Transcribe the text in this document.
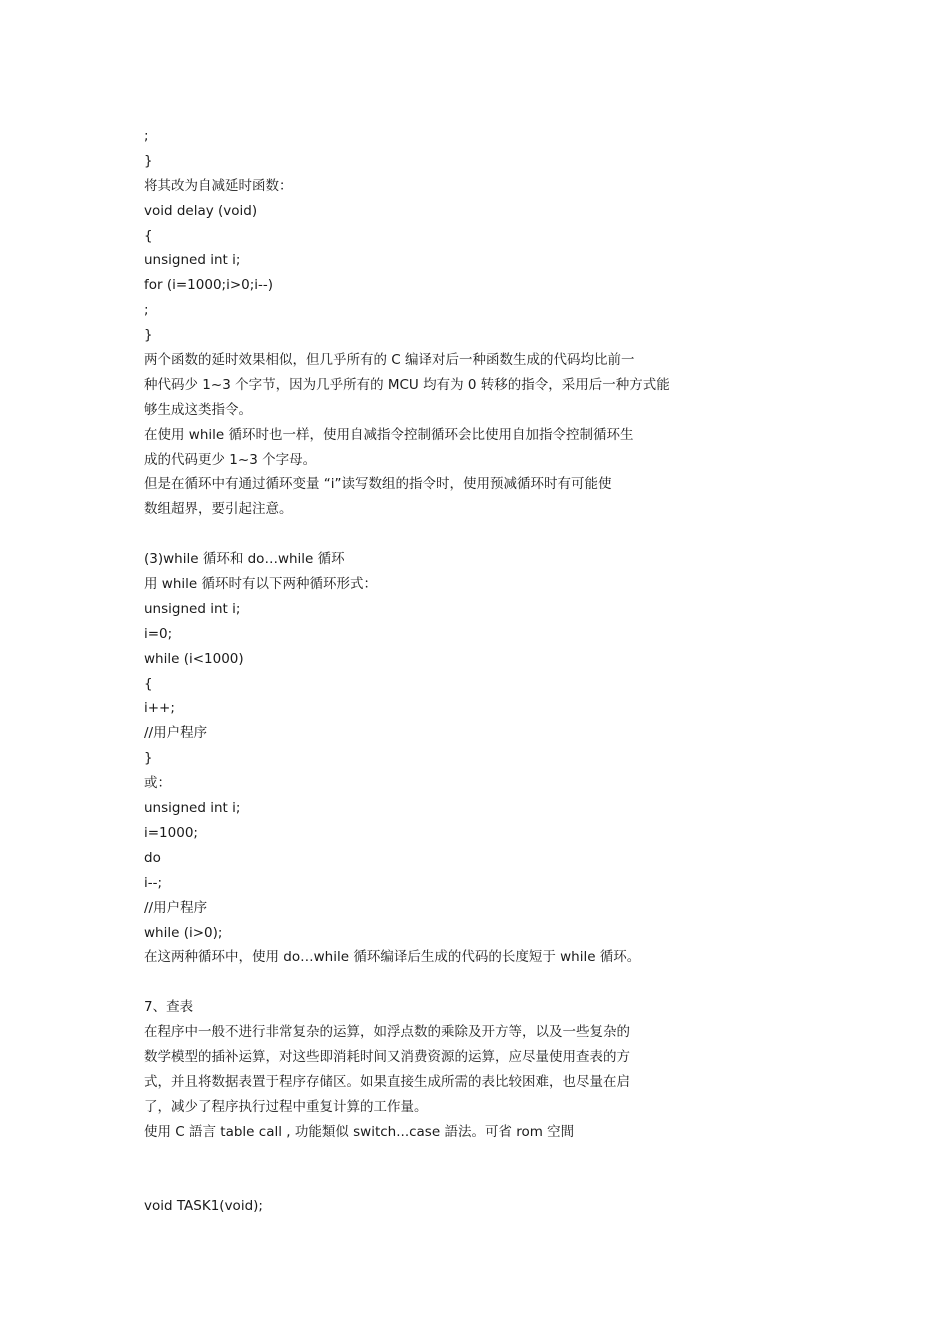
;
}
将其改为自减延时函数：
void delay (void)
{
unsigned int i;
for (i=1000;i>0;i--)
;
}
两个函数的延时效果相似，但几乎所有的 C 编译对后一种函数生成的代码均比前一
种代码少 1~3 个字节，因为几乎所有的 MCU 均有为 0 转移的指令，采用后一种方式能
够生成这类指令。
在使用 while 循环时也一样，使用自减指令控制循环会比使用自加指令控制循环生
成的代码更少 1~3 个字母。
但是在循环中有通过循环变量 “i”读写数组的指令时，使用预减循环时有可能使
数组超界，要引起注意。
(3)while 循环和 do…while 循环
用 while 循环时有以下两种循环形式：
unsigned int i;
i=0;
while (i<1000)
{
i++;
//用户程序
}
或：
unsigned int i;
i=1000;
do
i--;
//用户程序
while (i>0);
在这两种循环中，使用 do…while 循环编译后生成的代码的长度短于 while 循环。
7、查表
在程序中一般不进行非常复杂的运算，如浮点数的乘除及开方等，以及一些复杂的
数学模型的插补运算，对这些即消耗时间又消费资源的运算，应尽量使用查表的方
式，并且将数据表置于程序存储区。如果直接生成所需的表比较困难，也尽量在启
了，减少了程序执行过程中重复计算的工作量。
使用 C 語言 table call , 功能類似 switch...case 語法。可省 rom 空間
void TASK1(void);
